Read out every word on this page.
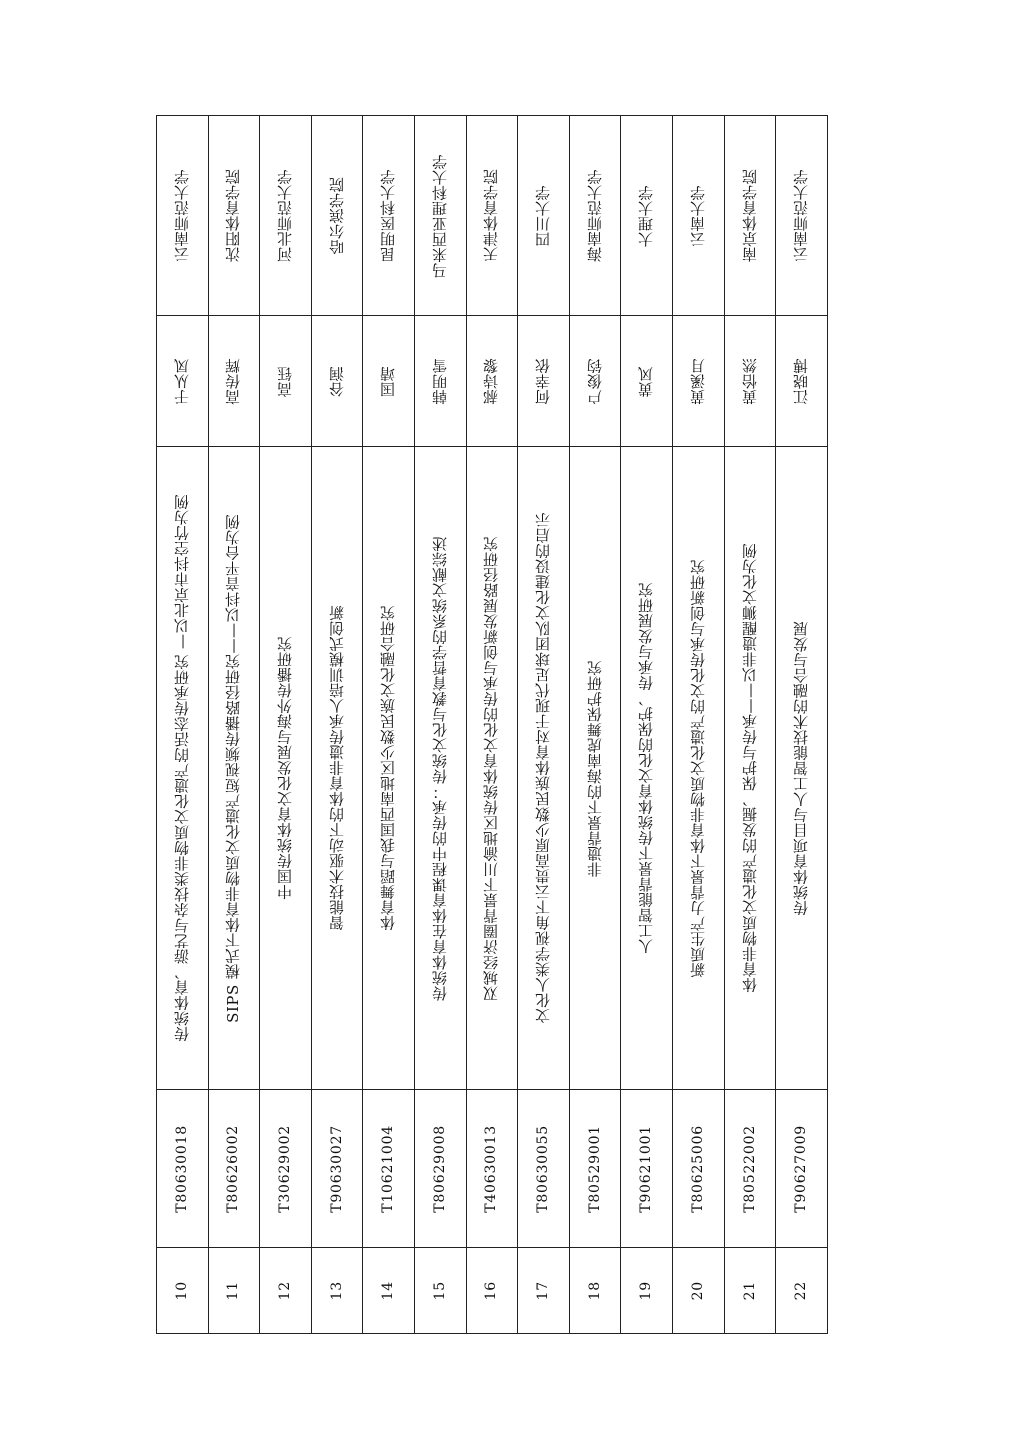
云南师范大学
于从凤
传统体育、游艺与杂技类非物质文化遗产的活态传承研究 —以北京市抖空竹为例
T80630018
10
沈阳体育学院
高传辉
SIPS 模式下体育非物质文化遗产短视频传播路径研究——以抖音平台为例
T80626002
11
河北师范大学
高钰
中国传统体育文化发展与海外传播研究
T30629002
12
哈尔滨学院
谷润
智能技术驱动下的体育非遗传承人培训模式创新
T90630027
13
昆明医科大学
国靖
体育舞蹈与我国西南地区少数民族文化融合研究
T10621004
14
马来西亚理科大学
韩明雪
传统体育在体育课程中的传承：传统文化与教育哲学的系统文献综述
T80629008
15
天津体育学院
郝诗黎
双城经济圈背景下川渝地区传统体育文化的传承与创新发展路径研究
T40630013
16
四川大学
何幸依
文化人类学视角下云贵高原少数民族体育对于现代足球团队文化建设的启示
T80630055
17
海南师范大学
户俊钧
非遗背景下的海南虎舞保护研究
T80529001
18
大理大学
黄风
人工智能背景下传统体育文化的保护、传承与发展研究
T90621001
19
云南大学
黄溪月
新质生产力背景下体育非物质文化遗产的文化传承与创新研究
T80625006
20
南京体育学院
黄怡然
体育非物质文化遗产的发掘、保护与传承——以非遗醒狮文化为例
T80522002
21
云南师范大学
江晓博
传统体育项目与人工智能技术的融合与发展
T90627009
22
